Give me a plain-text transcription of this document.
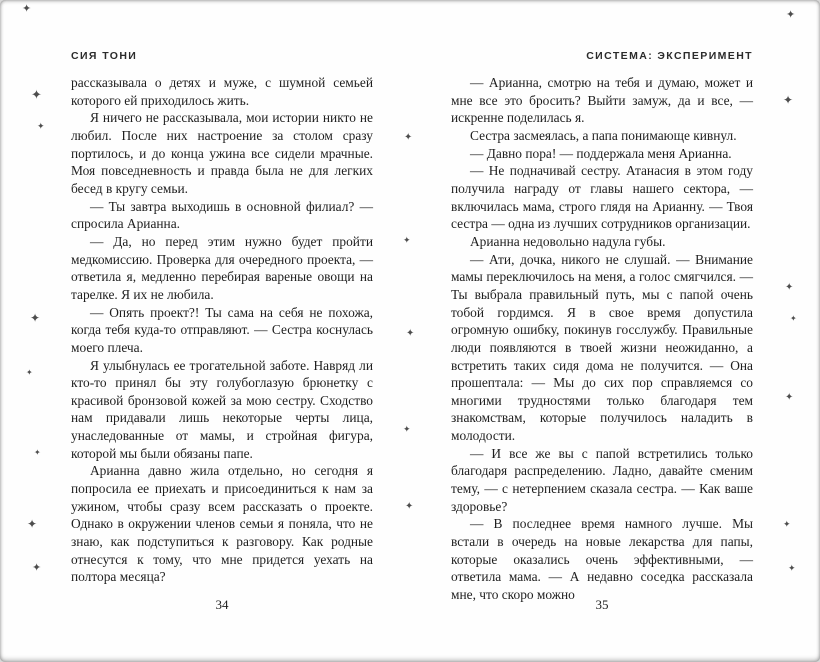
✦	✦
✦
✦
✦
✦
✦
✦
✦	✦
✦
✦
✦
✦
✦
✦
✦	✦
✦	✦
СИЯ ТОНИ

рассказывала о детях и муже, с шумной семьей которого ей приходилось жить.

Я ничего не рассказывала, мои истории никто не любил. После них настроение за столом сразу портилось, и до конца ужина все сидели мрачные. Моя повседневность и правда была не для легких бесед в кругу семьи.

— Ты завтра выходишь в основной филиал? — спросила Арианна.

— Да, но перед этим нужно будет пройти медкомиссию. Проверка для очередного проекта, — ответила я, медленно перебирая вареные овощи на тарелке. Я их не любила.

— Опять проект?! Ты сама на себя не похожа, когда тебя куда-то отправляют. — Сестра коснулась моего плеча.

Я улыбнулась ее трогательной заботе. Навряд ли кто-то принял бы эту голубоглазую брюнетку с красивой бронзовой кожей за мою сестру. Сходство нам придавали лишь некоторые черты лица, унаследованные от мамы, и стройная фигура, которой мы были обязаны папе.

Арианна давно жила отдельно, но сегодня я попросила ее приехать и присоединиться к нам за ужином, чтобы сразу всем рассказать о проекте. Однако в окружении членов семьи я поняла, что не знаю, как подступиться к разговору. Как родные отнесутся к тому, что мне придется уехать на полтора месяца?

34
СИСТЕМА: ЭКСПЕРИМЕНТ

— Арианна, смотрю на тебя и думаю, может и мне все это бросить? Выйти замуж, да и все, — искренне поделилась я.

Сестра засмеялась, а папа понимающе кивнул.

— Давно пора! — поддержала меня Арианна.

— Не подначивай сестру. Атанасия в этом году получила награду от главы нашего сектора, — включилась мама, строго глядя на Арианну. — Твоя сестра — одна из лучших сотрудников организации.

Арианна недовольно надула губы.

— Ати, дочка, никого не слушай. — Внимание мамы переключилось на меня, а голос смягчился. — Ты выбрала правильный путь, мы с папой очень тобой гордимся. Я в свое время допустила огромную ошибку, покинув госслужбу. Правильные люди появляются в твоей жизни неожиданно, а встретить таких сидя дома не получится. — Она прошептала: — Мы до сих пор справляемся со многими трудностями только благодаря тем знакомствам, которые получилось наладить в молодости.

— И все же вы с папой встретились только благодаря распределению. Ладно, давайте сменим тему, — с нетерпением сказала сестра. — Как ваше здоровье?

— В последнее время намного лучше. Мы встали в очередь на новые лекарства для папы, которые оказались очень эффективными, — ответила мама. — А недавно соседка рассказала мне, что скоро можно

35
